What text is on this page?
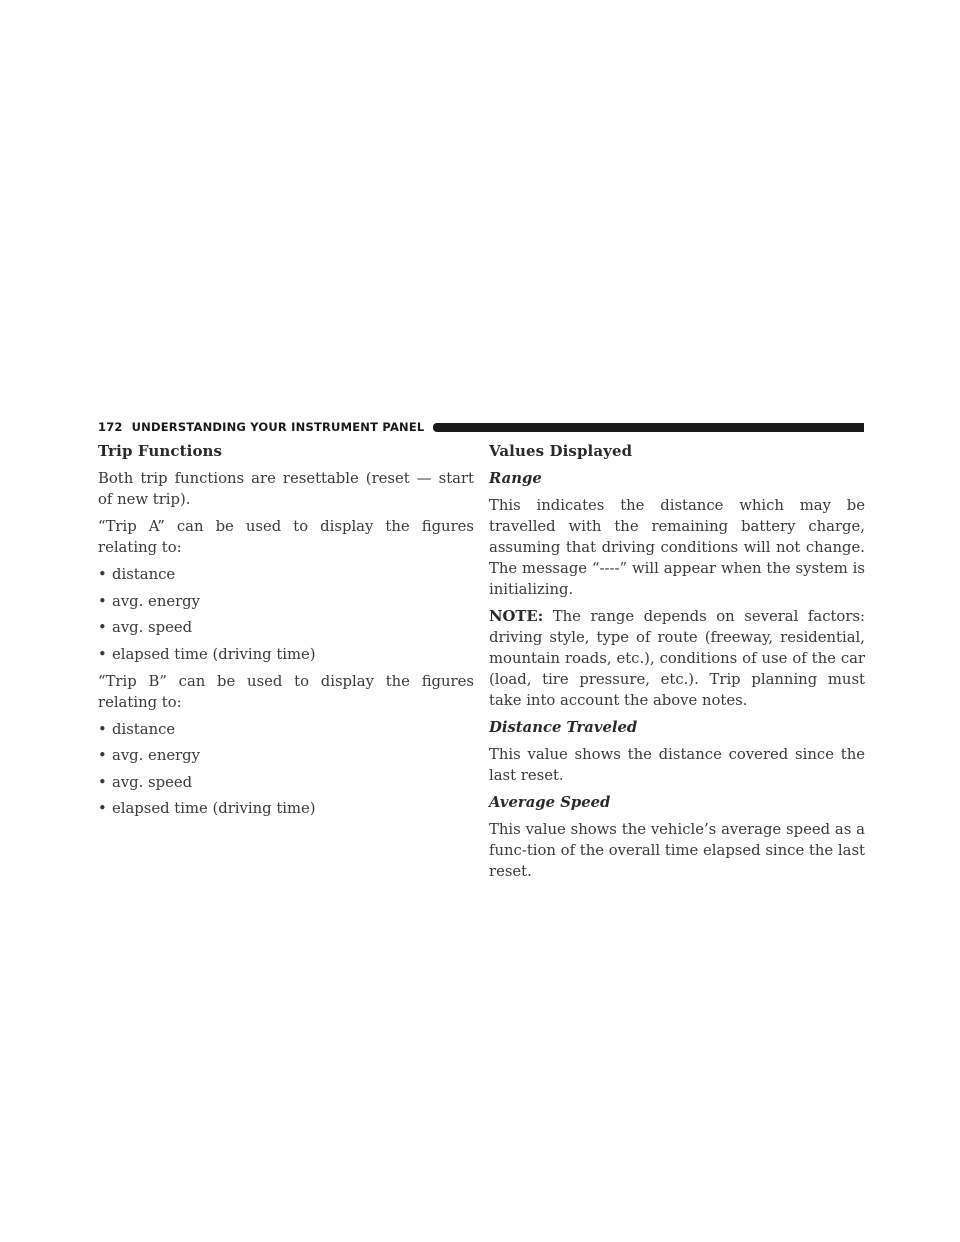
172 UNDERSTANDING YOUR INSTRUMENT PANEL
Trip Functions

Both trip functions are resettable (reset — start of new trip).

“Trip A” can be used to display the figures relating to:

• distance
• avg. energy
• avg. speed
• elapsed time (driving time)

“Trip B” can be used to display the figures relating to:

• distance
• avg. energy
• avg. speed
• elapsed time (driving time)
Values Displayed

Range

This indicates the distance which may be travelled with the remaining battery charge, assuming that driving conditions will not change. The message “----” will appear when the system is initializing.

NOTE: The range depends on several factors: driving style, type of route (freeway, residential, mountain roads, etc.), conditions of use of the car (load, tire pressure, etc.). Trip planning must take into account the above notes.

Distance Traveled

This value shows the distance covered since the last reset.

Average Speed

This value shows the vehicle’s average speed as a func-tion of the overall time elapsed since the last reset.
